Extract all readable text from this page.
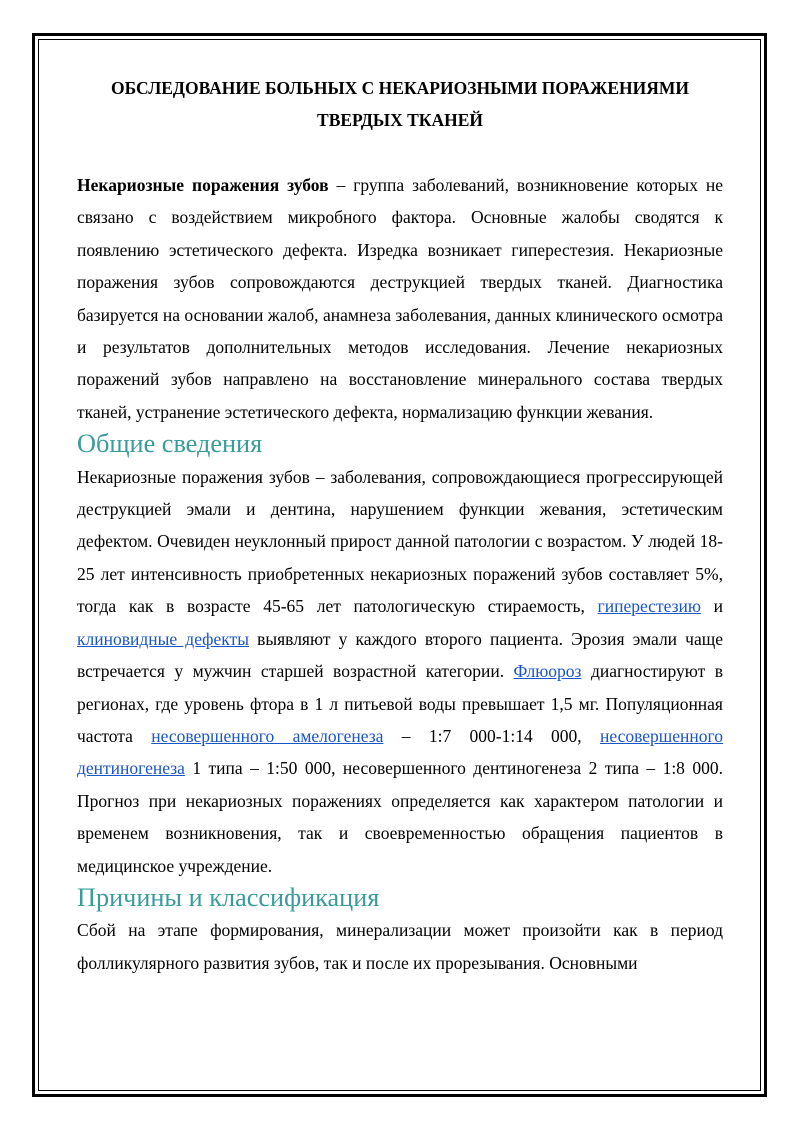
ОБСЛЕДОВАНИЕ БОЛЬНЫХ С НЕКАРИОЗНЫМИ ПОРАЖЕНИЯМИ
ТВЕРДЫХ ТКАНЕЙ

Некариозные поражения зубов – группа заболеваний, возникновение которых не связано с воздействием микробного фактора. Основные жалобы сводятся к появлению эстетического дефекта. Изредка возникает гиперестезия. Некариозные поражения зубов сопровождаются деструкцией твердых тканей. Диагностика базируется на основании жалоб, анамнеза заболевания, данных клинического осмотра и результатов дополнительных методов исследования. Лечение некариозных поражений зубов направлено на восстановление минерального состава твердых тканей, устранение эстетического дефекта, нормализацию функции жевания.

Общие сведения

Некариозные поражения зубов – заболевания, сопровождающиеся прогрессирующей деструкцией эмали и дентина, нарушением функции жевания, эстетическим дефектом. Очевиден неуклонный прирост данной патологии с возрастом. У людей 18-25 лет интенсивность приобретенных некариозных поражений зубов составляет 5%, тогда как в возрасте 45-65 лет патологическую стираемость, гиперестезию и клиновидные дефекты выявляют у каждого второго пациента. Эрозия эмали чаще встречается у мужчин старшей возрастной категории. Флюороз диагностируют в регионах, где уровень фтора в 1 л питьевой воды превышает 1,5 мг. Популяционная частота несовершенного амелогенеза – 1:7 000-1:14 000, несовершенного дентиногенеза 1 типа – 1:50 000, несовершенного дентиногенеза 2 типа – 1:8 000. Прогноз при некариозных поражениях определяется как характером патологии и временем возникновения, так и своевременностью обращения пациентов в медицинское учреждение.

Причины и классификация

Сбой на этапе формирования, минерализации может произойти как в период фолликулярного развития зубов, так и после их прорезывания. Основными
